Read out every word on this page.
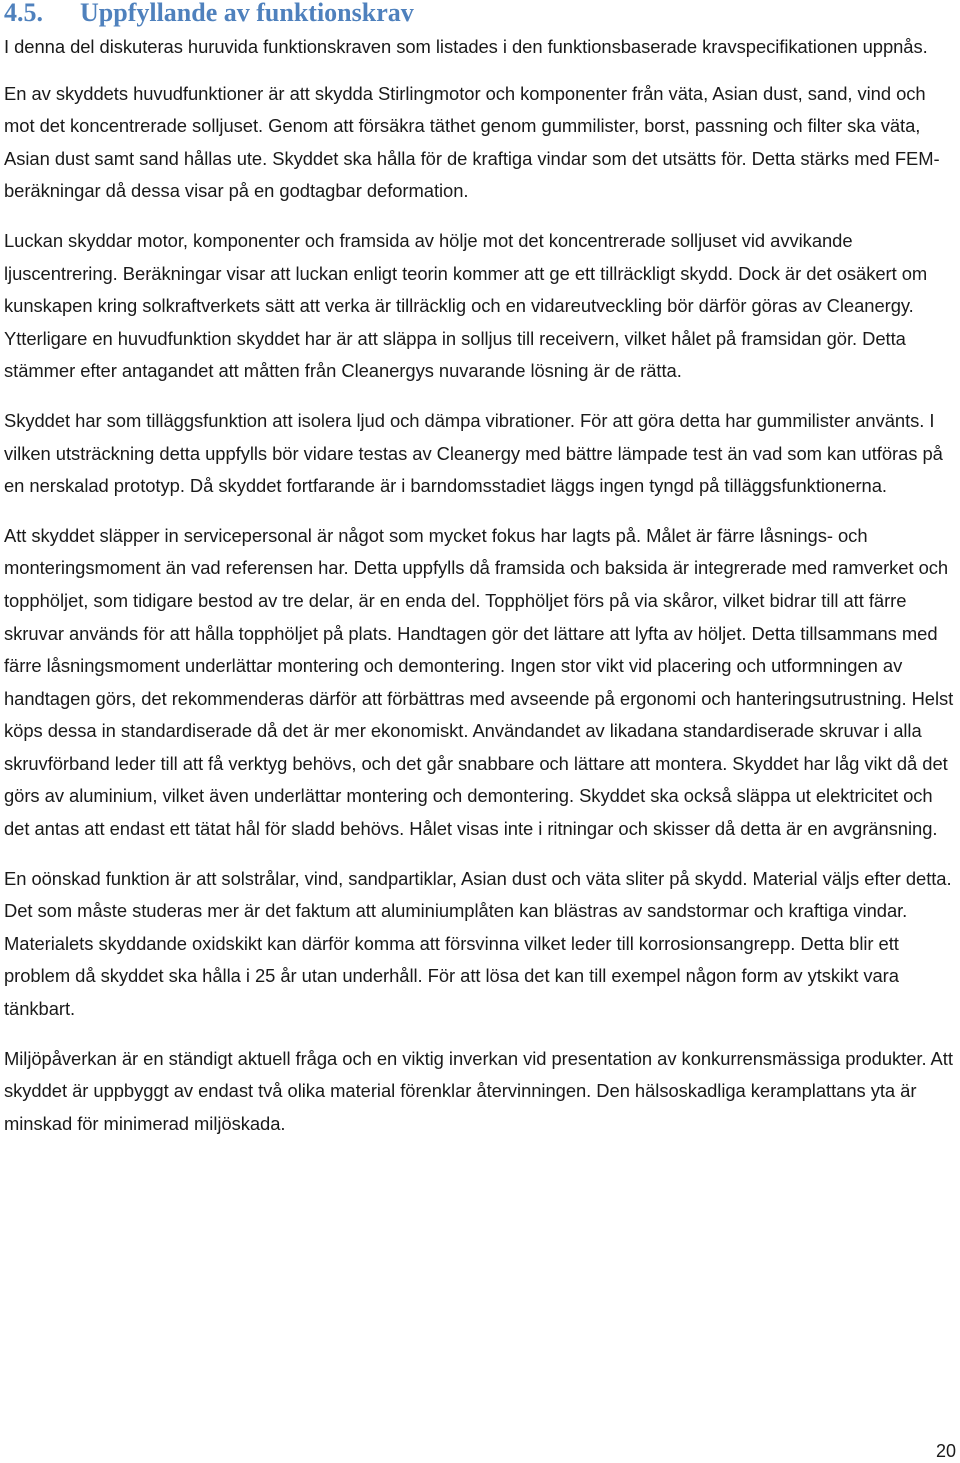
4.5. Uppfyllande av funktionskrav

I denna del diskuteras huruvida funktionskraven som listades i den funktionsbaserade kravspecifikationen uppnås.

En av skyddets huvudfunktioner är att skydda Stirlingmotor och komponenter från väta, Asian dust, sand, vind och mot det koncentrerade solljuset. Genom att försäkra täthet genom gummilister, borst, passning och filter ska väta, Asian dust samt sand hållas ute. Skyddet ska hålla för de kraftiga vindar som det utsätts för. Detta stärks med FEM-beräkningar då dessa visar på en godtagbar deformation.

Luckan skyddar motor, komponenter och framsida av hölje mot det koncentrerade solljuset vid avvikande ljuscentrering. Beräkningar visar att luckan enligt teorin kommer att ge ett tillräckligt skydd. Dock är det osäkert om kunskapen kring solkraftverkets sätt att verka är tillräcklig och en vidareutveckling bör därför göras av Cleanergy. Ytterligare en huvudfunktion skyddet har är att släppa in solljus till receivern, vilket hålet på framsidan gör. Detta stämmer efter antagandet att måtten från Cleanergys nuvarande lösning är de rätta.

Skyddet har som tilläggsfunktion att isolera ljud och dämpa vibrationer. För att göra detta har gummilister använts. I vilken utsträckning detta uppfylls bör vidare testas av Cleanergy med bättre lämpade test än vad som kan utföras på en nerskalad prototyp. Då skyddet fortfarande är i barndomsstadiet läggs ingen tyngd på tilläggsfunktionerna.

Att skyddet släpper in servicepersonal är något som mycket fokus har lagts på. Målet är färre låsnings- och monteringsmoment än vad referensen har. Detta uppfylls då framsida och baksida är integrerade med ramverket och topphöljet, som tidigare bestod av tre delar, är en enda del. Topphöljet förs på via skåror, vilket bidrar till att färre skruvar används för att hålla topphöljet på plats. Handtagen gör det lättare att lyfta av höljet. Detta tillsammans med färre låsningsmoment underlättar montering och demontering. Ingen stor vikt vid placering och utformningen av handtagen görs, det rekommenderas därför att förbättras med avseende på ergonomi och hanteringsutrustning. Helst köps dessa in standardiserade då det är mer ekonomiskt. Användandet av likadana standardiserade skruvar i alla skruvförband leder till att få verktyg behövs, och det går snabbare och lättare att montera. Skyddet har låg vikt då det görs av aluminium, vilket även underlättar montering och demontering. Skyddet ska också släppa ut elektricitet och det antas att endast ett tätat hål för sladd behövs. Hålet visas inte i ritningar och skisser då detta är en avgränsning.

En oönskad funktion är att solstrålar, vind, sandpartiklar, Asian dust och väta sliter på skydd. Material väljs efter detta. Det som måste studeras mer är det faktum att aluminiumplåten kan blästras av sandstormar och kraftiga vindar. Materialets skyddande oxidskikt kan därför komma att försvinna vilket leder till korrosionsangrepp. Detta blir ett problem då skyddet ska hålla i 25 år utan underhåll. För att lösa det kan till exempel någon form av ytskikt vara tänkbart.

Miljöpåverkan är en ständigt aktuell fråga och en viktig inverkan vid presentation av konkurrensmässiga produkter. Att skyddet är uppbyggt av endast två olika material förenklar återvinningen. Den hälsoskadliga keramplattans yta är minskad för minimerad miljöskada.

20
